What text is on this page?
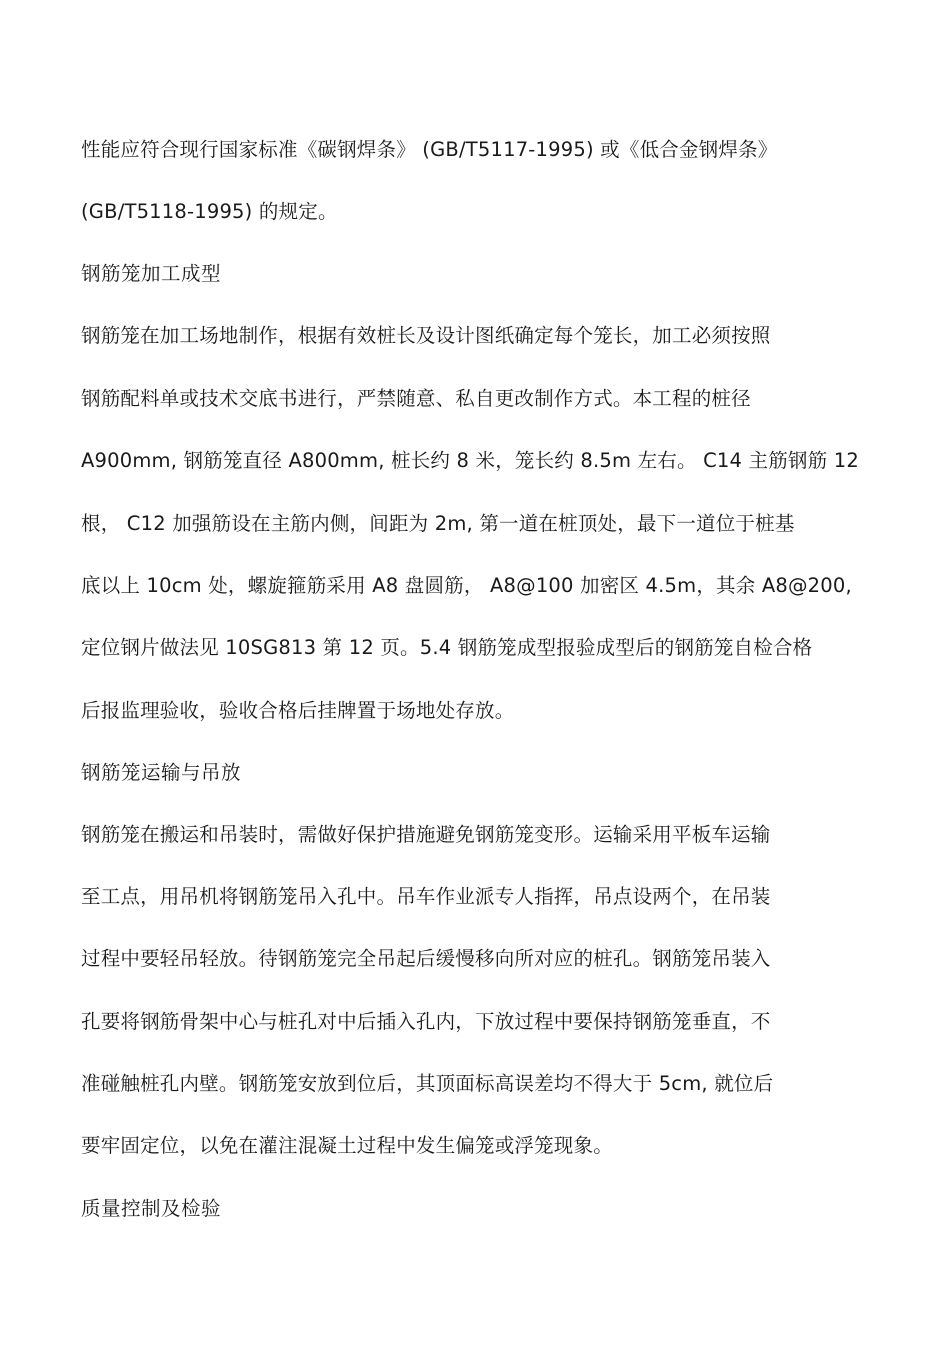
性能应符合现行国家标准《碳钢焊条》 (GB/T5117-1995) 或《低合金钢焊条》
(GB/T5118-1995) 的规定。
钢筋笼加工成型
钢筋笼在加工场地制作，根据有效桩长及设计图纸确定每个笼长，加工必须按照
钢筋配料单或技术交底书进行，严禁随意、私自更改制作方式。本工程的桩径
A900mm, 钢筋笼直径 A800mm, 桩长约 8 米，笼长约 8.5m 左右。 C14 主筋钢筋 12
根， C12 加强筋设在主筋内侧，间距为 2m, 第一道在桩顶处，最下一道位于桩基
底以上 10cm 处，螺旋箍筋采用 A8 盘圆筋， A8@100 加密区 4.5m，其余 A8@200,
定位钢片做法见 10SG813 第 12 页。5.4 钢筋笼成型报验成型后的钢筋笼自检合格
后报监理验收，验收合格后挂牌置于场地处存放。
钢筋笼运输与吊放
钢筋笼在搬运和吊装时，需做好保护措施避免钢筋笼变形。运输采用平板车运输
至工点，用吊机将钢筋笼吊入孔中。吊车作业派专人指挥，吊点设两个，在吊装
过程中要轻吊轻放。待钢筋笼完全吊起后缓慢移向所对应的桩孔。钢筋笼吊装入
孔要将钢筋骨架中心与桩孔对中后插入孔内，下放过程中要保持钢筋笼垂直，不
准碰触桩孔内壁。钢筋笼安放到位后，其顶面标高误差均不得大于 5cm, 就位后
要牢固定位，以免在灌注混凝土过程中发生偏笼或浮笼现象。
质量控制及检验
